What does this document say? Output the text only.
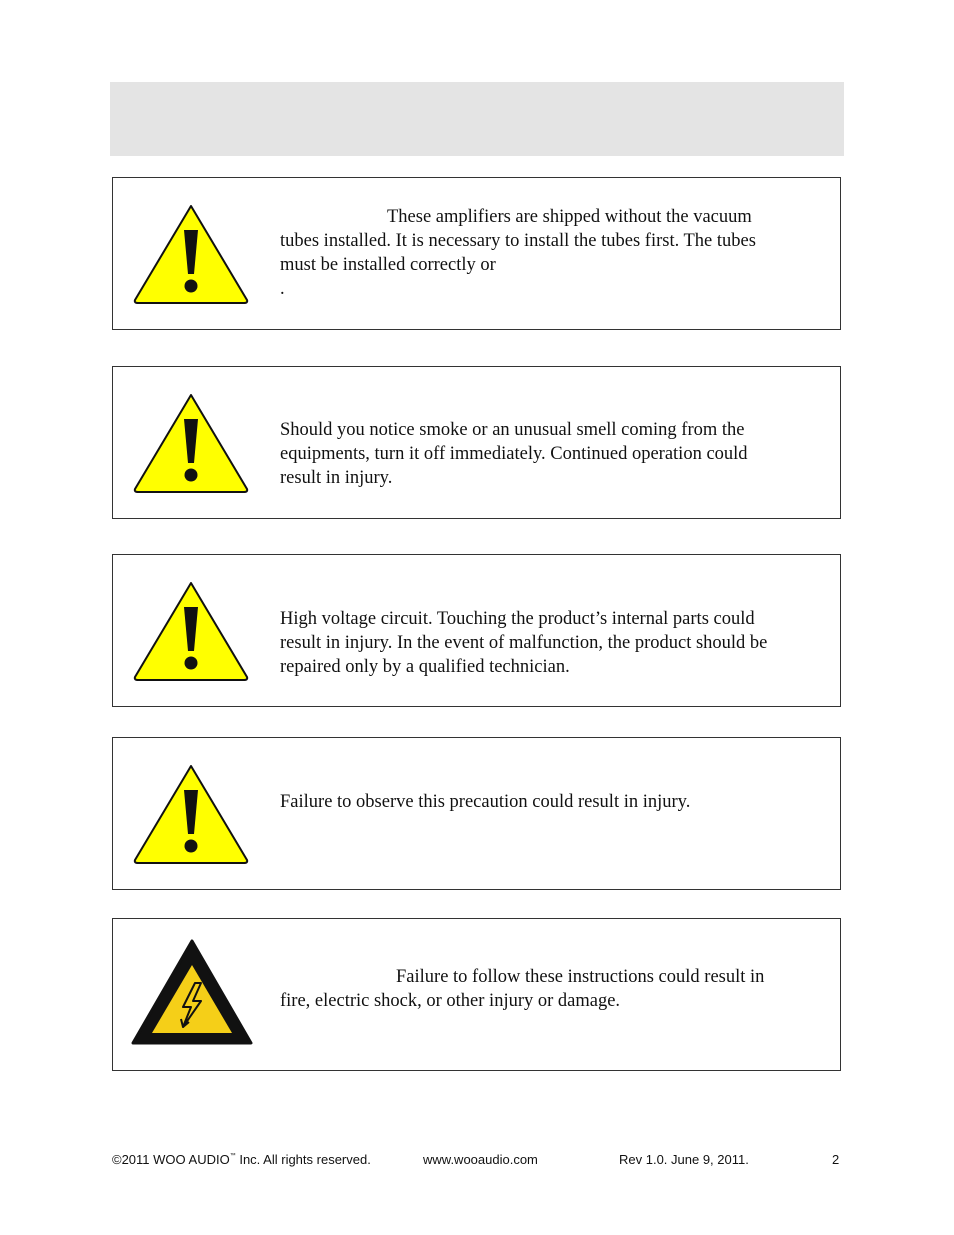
These amplifiers are shipped without the vacuum
tubes installed. It is necessary to install the tubes first. The tubes
must be installed correctly or
.
Should you notice smoke or an unusual smell coming from the
equipments, turn it off immediately. Continued operation could
result in injury.
High voltage circuit. Touching the product’s internal parts could
result in injury. In the event of malfunction, the product should be
repaired only by a qualified technician.
Failure to observe this precaution could result in injury.
Failure to follow these instructions could result in
fire, electric shock, or other injury or damage.
©2011 WOO AUDIO™ Inc. All rights reserved.	www.wooaudio.com	Rev 1.0. June 9, 2011.	2
